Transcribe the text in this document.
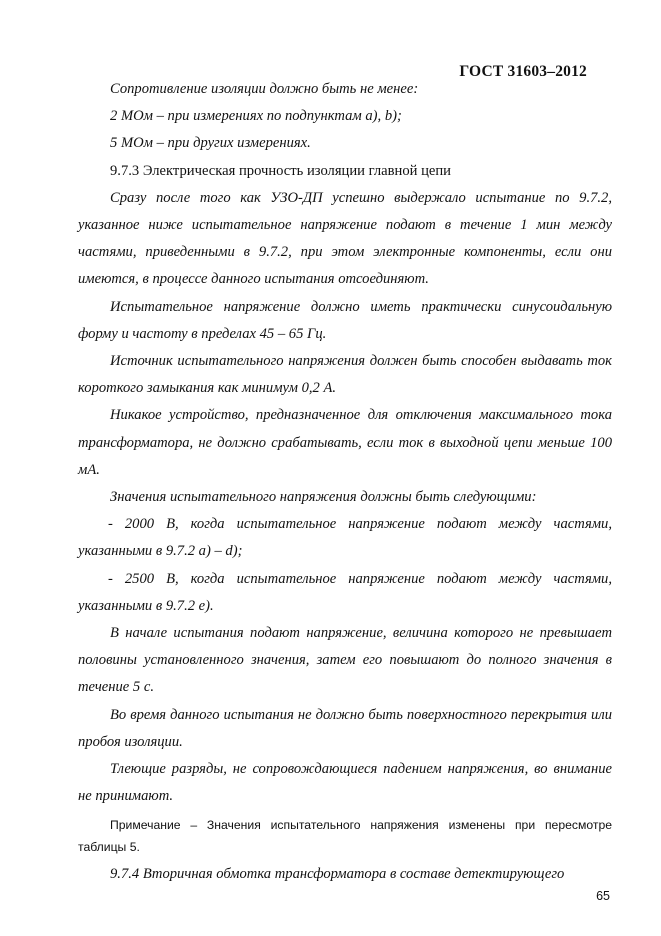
ГОСТ 31603–2012

Сопротивление изоляции должно быть не менее:

2 МОм – при измерениях по подпунктам а), b);

5 МОм – при других измерениях.

9.7.3 Электрическая прочность изоляции главной цепи

Сразу после того как УЗО-ДП успешно выдержало испытание по 9.7.2, указанное ниже испытательное напряжение подают в течение 1 мин между частями, приведенными в 9.7.2, при этом электронные компоненты, если они имеются, в процессе данного испытания отсоединяют.

Испытательное напряжение должно иметь практически синусоидальную форму и частоту в пределах 45 – 65 Гц.

Источник испытательного напряжения должен быть способен выдавать ток короткого замыкания как минимум 0,2 А.

Никакое устройство, предназначенное для отключения максимального тока трансформатора, не должно срабатывать, если ток в выходной цепи меньше 100 мА.

Значения испытательного напряжения должны быть следующими:

- 2000 В, когда испытательное напряжение подают между частями, указанными в 9.7.2 a) – d);

- 2500 В, когда испытательное напряжение подают между частями, указанными в 9.7.2 e).

В начале испытания подают напряжение, величина которого не превышает половины установленного значения, затем его повышают до полного значения в течение 5 с.

Во время данного испытания не должно быть поверхностного перекрытия или пробоя изоляции.

Тлеющие разряды, не сопровождающиеся падением напряжения, во внимание не принимают.

Примечание – Значения испытательного напряжения изменены при пересмотре таблицы 5.

9.7.4 Вторичная обмотка трансформатора в составе детектирующего

65
